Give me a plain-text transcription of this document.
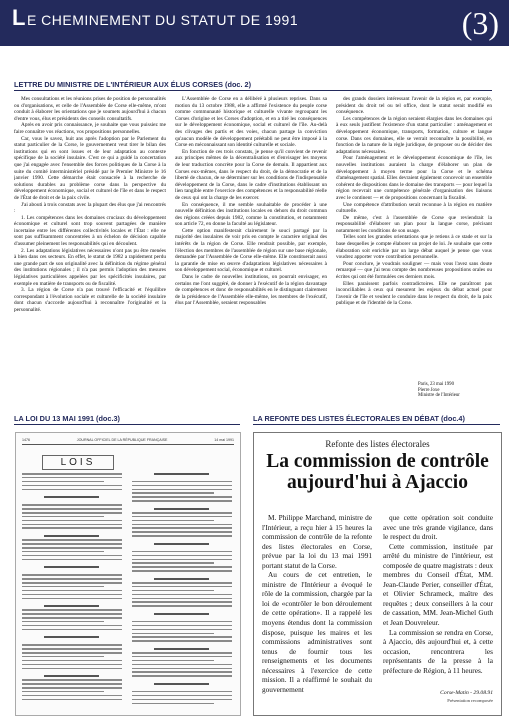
LE CHEMINEMENT DU STATUT DE 1991	(3)
LETTRE DU MINISTRE DE L'INTÉRIEUR AUX ÉLUS CORSES (doc. 2)

Mes consultations et les réunions prises de position de personnalités ou d'organisations, et celle de l'Assemblée de Corse elle-même, m'ont conduit à élaborer les orientations que je soumets aujourd'hui à chacun d'entre vous, élus et présidents des conseils consultatifs.

Après en avoir pris connaissance, je souhaite que vous puissiez me faire connaître vos réactions, vos propositions personnelles.

Car, vous le savez, huit ans après l'adoption par le Parlement du statut particulier de la Corse, le gouvernement veut tirer le bilan des institutions qui en sont issues et de leur adaptation au contexte spécifique de la société insulaire. C'est ce qui a guidé la concertation que j'ai engagée avec l'ensemble des forces politiques de la Corse à la suite du comité interministériel présidé par le Premier Ministre le 16 janvier 1990. Cette démarche était consacrée à la recherche de solutions durables au problème corse dans la perspective du développement économique, social et culturel de l'île et dans le respect de l'État de droit et de la paix civile.

J'ai abouti à trois constats avec la plupart des élus que j'ai rencontrés :

1. Les compétences dans les domaines cruciaux du développement économique et culturel sont trop souvent partagées de manière incertaine entre les différentes collectivités locales et l'État : elle ne sont pas suffisamment concentrées à un échelon de décision capable d'assumer pleinement les responsabilités qui en découlent.

2. Les adaptations législatives nécessaires n'ont pas pu être menées à bien dans ces secteurs. En effet, le statut de 1982 a rapidement perdu une grande part de son originalité avec la définition du régime général des institutions régionales ; il n'a pas permis l'adoption des mesures législatives particulières appelées par les spécificités insulaires, par exemple en matière de transports ou de fiscalité.

3. La région de Corse n'a pas trouvé l'efficacité et l'équilibre correspondant à l'évolution sociale et culturelle de la société insulaire dont chacun s'accorde aujourd'hui à reconnaître l'originalité et la personnalité.

L'Assemblée de Corse en a délibéré à plusieurs reprises. Dans sa motion du 13 octobre 1988, elle a affirmé l'existence du peuple corse comme communauté historique et culturelle vivante regroupant les Corses d'origine et les Corses d'adoption, et en a tiré les conséquences sur le développement économique, social et culturel de l'île. Au-delà des clivages des partis et des voies, chacun partage la conviction qu'aucun modèle de développement préétabli ne peut être imposé à la Corse en méconnaissant son identité culturelle et sociale.

En fonction de ces trois constats, je pense qu'il convient de revenir aux principes mêmes de la décentralisation et d'envisager les moyens de leur traduction concrète pour la Corse de demain. Il appartient aux Corses eux-mêmes, dans le respect du droit, de la démocratie et de la liberté de chacun, de se déterminer sur les conditions de l'indispensable développement de la Corse, dans le cadre d'institutions établissant un lien tangible entre l'exercice des compétences et la responsabilité réelle de ceux qui ont la charge de les exercer.

En conséquence, il me semble souhaitable de procéder à une nouvelle définition des institutions locales en dehors du droit commun des régions créées depuis 1982, comme la constitution, et notamment son article 72, en donne la faculté au législateur.

Cette option manifesterait clairement le souci partagé par la majorité des insulaires de voir pris en compte le caractère original des intérêts de la région de Corse. Elle rendrait possible, par exemple, l'élection des membres de l'assemblée de région sur une base régionale, demandée par l'Assemblée de Corse elle-même. Elle constituerait aussi la garantie de mise en œuvre d'adaptations législatives nécessaires à son développement social, économique et culturel.

Dans le cadre de nouvelles institutions, on pourrait envisager, en certains me l'ont suggéré, de donner à l'exécutif de la région davantage de compétences et donc de responsabilités en le distinguant clairement de la présidence de l'Assemblée elle-même, les membres de l'exécutif, élus par l'Assemblée, seraient responsables

des grands dossiers intéressant l'avenir de la région et, par exemple, président du droit tel ou tel office, dont le statut serait modifié en conséquence.

Les compétences de la région seraient élargies dans les domaines qui à eux seuls justifient l'existence d'un statut particulier : aménagement et développement économique, transports, formation, culture et langue corse. Dans ces domaines, elle se verrait reconnaître la possibilité, en fonction de la nature de la règle juridique, de proposer ou de décider des adaptations nécessaires.

Pour l'aménagement et le développement économique de l'île, les nouvelles institutions auraient la charge d'élaborer un plan de développement à moyen terme pour la Corse et le schéma d'aménagement spatial. Elles devraient également concevoir un ensemble cohérent de dispositions dans le domaine des transports — pour lequel la région recevrait une compétence générale d'organisation des liaisons avec le continent — et de propositions concernant la fiscalité.

Une compétence d'attribution serait reconnue à la région en matière culturelle.

De même, c'est à l'assemblée de Corse que reviendrait la responsabilité d'élaborer un plan pour la langue corse, précisant notamment les conditions de son usage.

Telles sont les grandes orientations que je retiens à ce stade et sur la base desquelles je compte élaborer un projet de loi. Je souhaite que cette élaboration soit enrichie par un large débat auquel je pense que vous voudrez apporter votre contribution personnelle.

Pour conclure, je voudrais souligner — mais vous l'avez sans doute remarqué — que j'ai tenu compte des nombreuses propositions orales ou écrites qui ont été formulées ces derniers mois.

Elles paraissent parfois contradictoires. Elle ne paraîtront pas inconciliables à ceux qui mesurent les enjeux du débat actuel pour l'avenir de l'île et veulent le conduire dans le respect du droit, de la paix publique et de l'identité de la Corse.

Paris, 23 mai 1990
Pierre Joxe
Ministre de l'Intérieur
LA LOI DU 13 MAI 1991 (doc.3)
1476	JOURNAL OFFICIEL DE LA RÉPUBLIQUE FRANÇAISE	14 mai 1991
LOIS
LA REFONTE DES LISTES ÉLECTORALES EN DÉBAT (doc.4)
Refonte des listes électorales
La commission de contrôle aujourd'hui à Ajaccio

M. Philippe Marchand, ministre de l'Intérieur, a reçu hier à 15 heures la commission de contrôle de la refonte des listes électorales en Corse, prévue par la loi du 13 mai 1991 portant statut de la Corse.

Au cours de cet entretien, le ministre de l'Intérieur a évoqué le rôle de la commission, chargée par la loi de «contrôler le bon déroulement de cette opération». Il a rappelé les moyens étendus dont la commission dispose, puisque les maires et les commissions administratives sont tenus de fournir tous les renseignements et les documents nécessaires à l'exercice de cette mission. Il a réaffirmé le souhait du gouvernement

que cette opération soit conduite avec une très grande vigilance, dans le respect du droit.

Cette commission, instituée par arrêté du ministre de l'intérieur, est composée de quatre magistrats : deux membres du Conseil d'État, MM. Jean-Claude Perier, conseiller d'État, et Olivier Schrameck, maître des requêtes ; deux conseillers à la cour de cassation, MM. Jean-Michel Guth et Jean Douvreleur.

La commission se rendra en Corse, à Ajaccio, dès aujourd'hui et, à cette occasion, rencontrera les représentants de la presse à la préfecture de Région, à 11 heures.

Corse-Matin - 29.08.91
Présentation recomposée
